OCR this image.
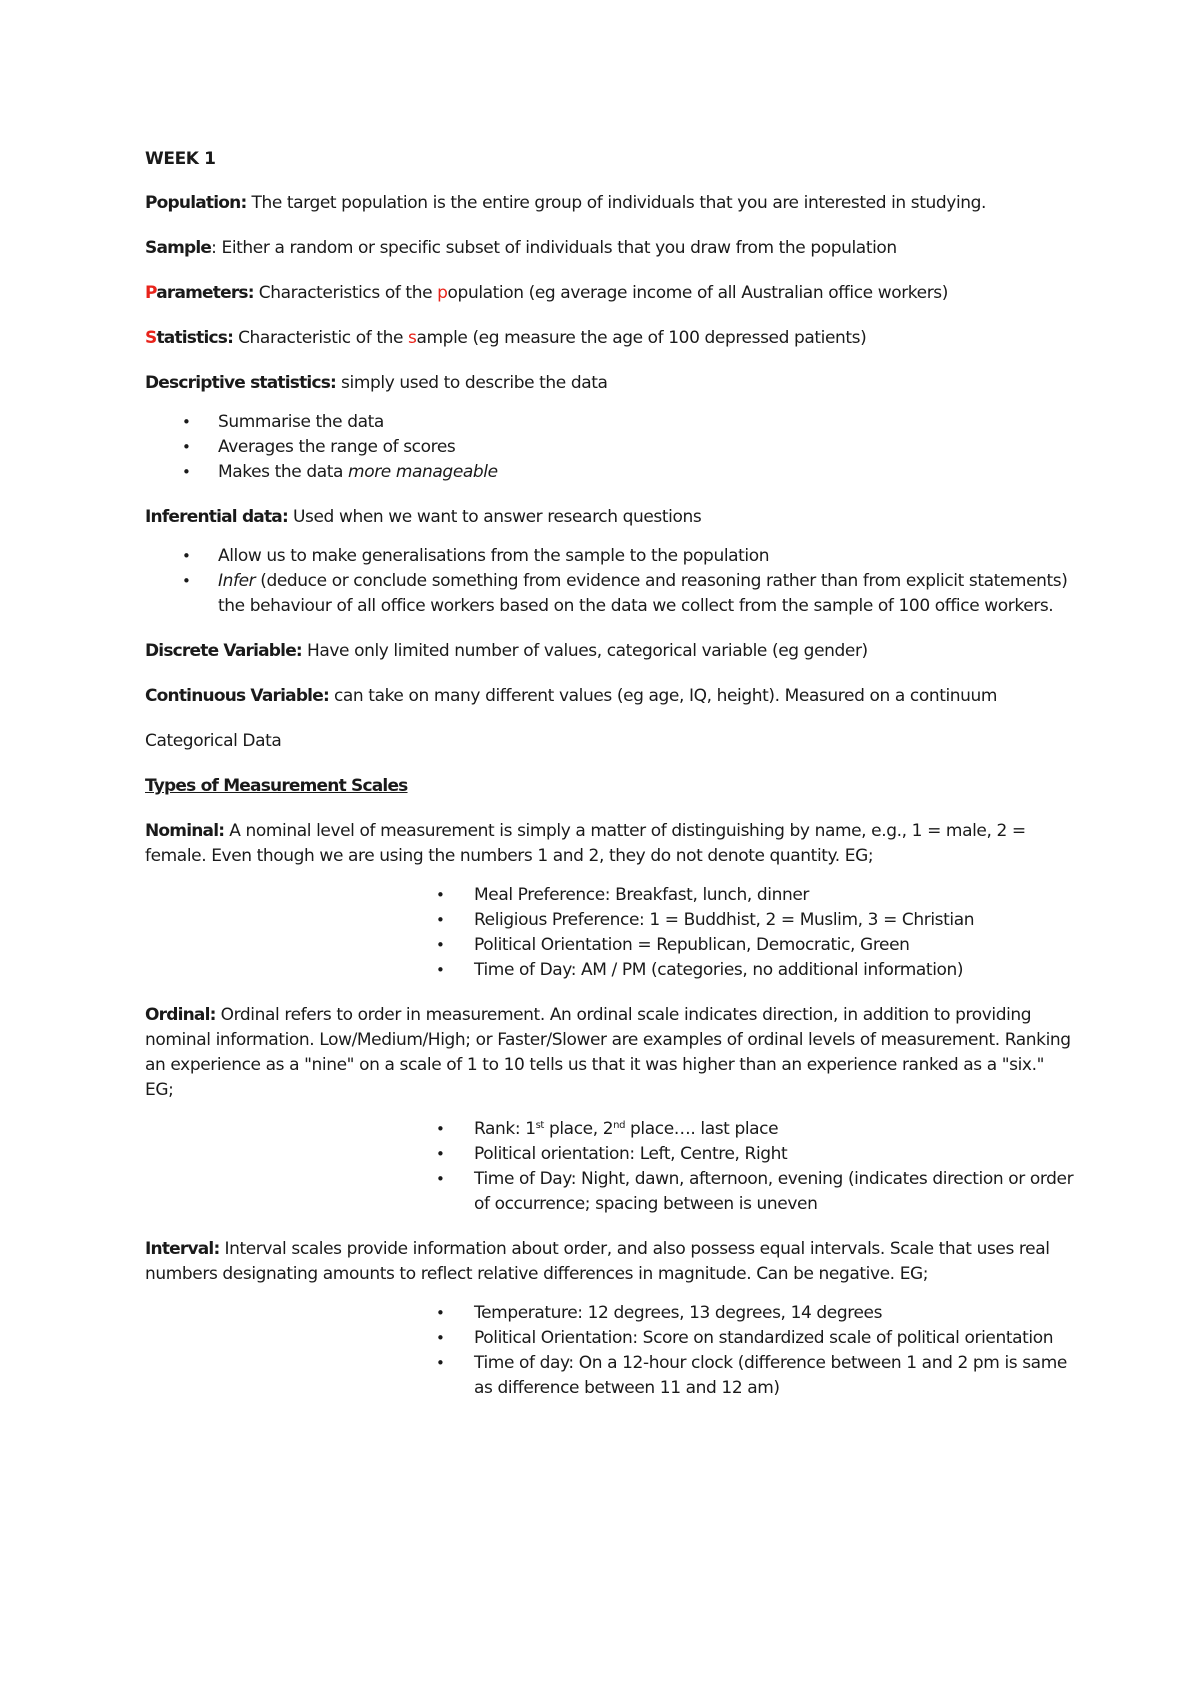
WEEK 1

Population: The target population is the entire group of individuals that you are interested in studying.

Sample: Either a random or specific subset of individuals that you draw from the population

Parameters: Characteristics of the population (eg average income of all Australian office workers)

Statistics: Characteristic of the sample (eg measure the age of 100 depressed patients)

Descriptive statistics: simply used to describe the data

• Summarise the data
• Averages the range of scores
• Makes the data more manageable

Inferential data: Used when we want to answer research questions

• Allow us to make generalisations from the sample to the population
• Infer (deduce or conclude something from evidence and reasoning rather than from explicit statements) the behaviour of all office workers based on the data we collect from the sample of 100 office workers.

Discrete Variable: Have only limited number of values, categorical variable (eg gender)

Continuous Variable: can take on many different values (eg age, IQ, height). Measured on a continuum

Categorical Data

Types of Measurement Scales

Nominal: A nominal level of measurement is simply a matter of distinguishing by name, e.g., 1 = male, 2 = female. Even though we are using the numbers 1 and 2, they do not denote quantity. EG;

• Meal Preference: Breakfast, lunch, dinner
• Religious Preference: 1 = Buddhist, 2 = Muslim, 3 = Christian
• Political Orientation = Republican, Democratic, Green
• Time of Day: AM / PM (categories, no additional information)

Ordinal: Ordinal refers to order in measurement. An ordinal scale indicates direction, in addition to providing nominal information. Low/Medium/High; or Faster/Slower are examples of ordinal levels of measurement. Ranking an experience as a "nine" on a scale of 1 to 10 tells us that it was higher than an experience ranked as a "six." EG;

• Rank: 1st place, 2nd place…. last place
• Political orientation: Left, Centre, Right
• Time of Day: Night, dawn, afternoon, evening (indicates direction or order of occurrence; spacing between is uneven

Interval: Interval scales provide information about order, and also possess equal intervals. Scale that uses real numbers designating amounts to reflect relative differences in magnitude. Can be negative. EG;

• Temperature: 12 degrees, 13 degrees, 14 degrees
• Political Orientation: Score on standardized scale of political orientation
• Time of day: On a 12-hour clock (difference between 1 and 2 pm is same as difference between 11 and 12 am)
